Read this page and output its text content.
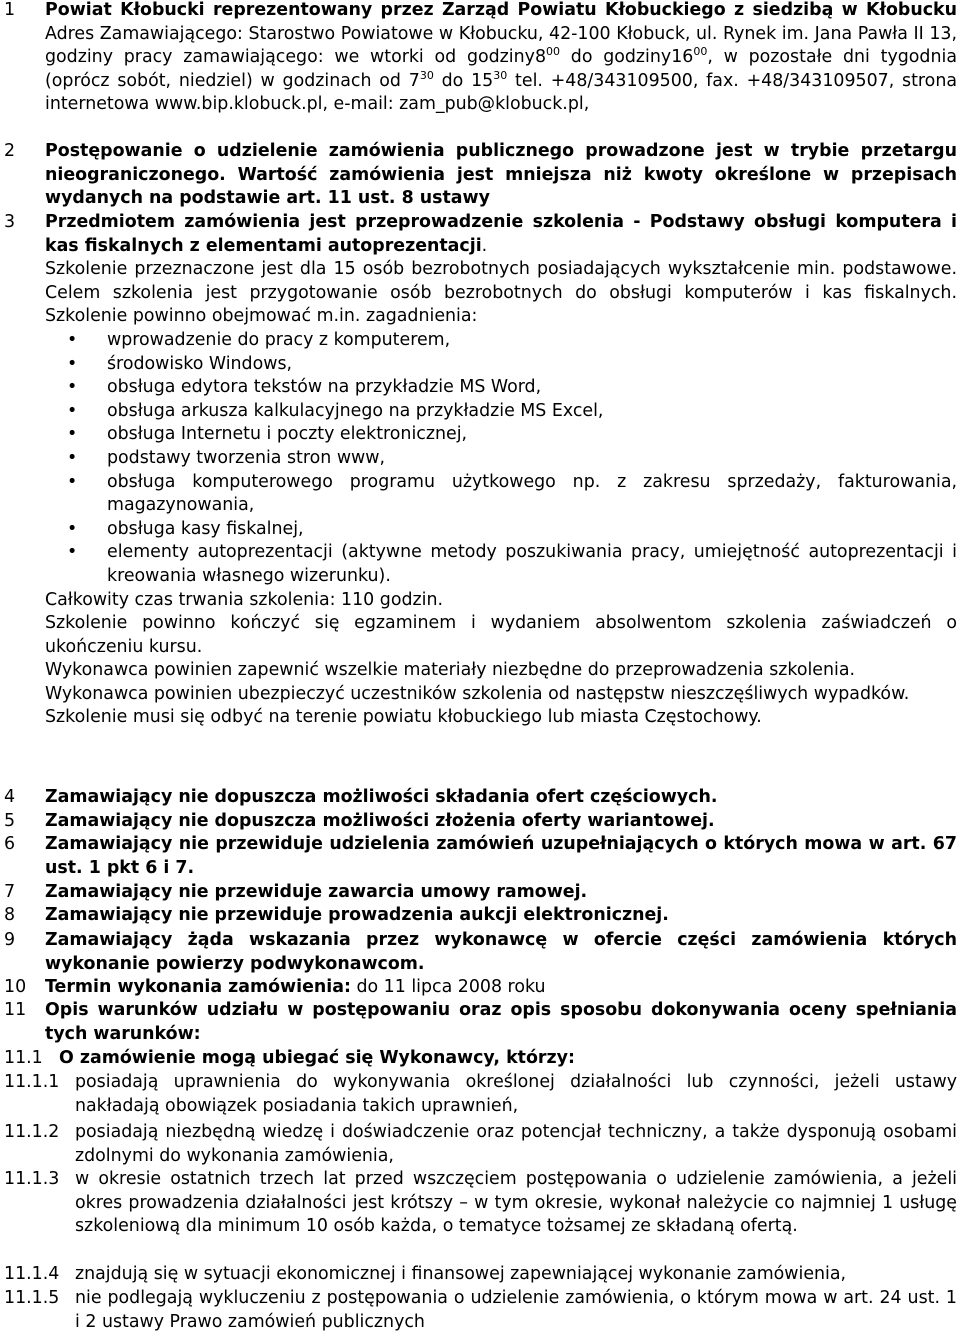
1 Powiat Kłobucki reprezentowany przez Zarząd Powiatu Kłobuckiego z siedzibą w Kłobucku Adres Zamawiającego: Starostwo Powiatowe w Kłobucku, 42-100 Kłobuck, ul. Rynek im. Jana Pawła II 13, godziny pracy zamawiającego: we wtorki od $godziny8^{00}$ do $godziny16^{00}$, w pozostałe dni tygodnia (oprócz sobót, niedziel) w godzinach od $7^{30}$ do $15^{30}$ tel. +48/343109500, fax. +48/343109507, strona internetowa www.bip.klobuck.pl, e-mail: zam_pub@klobuck.pl,

2 Postępowanie o udzielenie zamówienia publicznego prowadzone jest w trybie przetargu nieograniczonego. Wartość zamówienia jest mniejsza niż kwoty określone w przepisach wydanych na podstawie art. 11 ust. 8 ustawy

3 Przedmiotem zamówienia jest przeprowadzenie szkolenia - Podstawy obsługi komputera i kas fiskalnych z elementami autoprezentacji.

Szkolenie przeznaczone jest dla 15 osób bezrobotnych posiadających wykształcenie min. podstawowe. Celem szkolenia jest przygotowanie osób bezrobotnych do obsługi komputerów i kas fiskalnych. Szkolenie powinno obejmować m.in. zagadnienia:

• wprowadzenie do pracy z komputerem,
• środowisko Windows,
• obsługa edytora tekstów na przykładzie MS Word,
• obsługa arkusza kalkulacyjnego na przykładzie MS Excel,
• obsługa Internetu i poczty elektronicznej,
• podstawy tworzenia stron www,
• obsługa komputerowego programu użytkowego np. z zakresu sprzedaży, fakturowania, magazynowania,
• obsługa kasy fiskalnej,
• elementy autoprezentacji (aktywne metody poszukiwania pracy, umiejętność autoprezentacji i kreowania własnego wizerunku).

Całkowity czas trwania szkolenia: 110 godzin.

Szkolenie powinno kończyć się egzaminem i wydaniem absolwentom szkolenia zaświadczeń o ukończeniu kursu.

Wykonawca powinien zapewnić wszelkie materiały niezbędne do przeprowadzenia szkolenia.

Wykonawca powinien ubezpieczyć uczestników szkolenia od następstw nieszczęśliwych wypadków.

Szkolenie musi się odbyć na terenie powiatu kłobuckiego lub miasta Częstochowy.

4 Zamawiający nie dopuszcza możliwości składania ofert częściowych.

5 Zamawiający nie dopuszcza możliwości złożenia oferty wariantowej.

6 Zamawiający nie przewiduje udzielenia zamówień uzupełniających o których mowa w art. 67 ust. 1 pkt 6 i 7.

7 Zamawiający nie przewiduje zawarcia umowy ramowej.

8 Zamawiający nie przewiduje prowadzenia aukcji elektronicznej.

9 Zamawiający żąda wskazania przez wykonawcę w ofercie części zamówienia których wykonanie powierzy podwykonawcom.

10 Termin wykonania zamówienia: do 11 lipca 2008 roku

11 Opis warunków udziału w postępowaniu oraz opis sposobu dokonywania oceny spełniania tych warunków:

11.1 O zamówienie mogą ubiegać się Wykonawcy, którzy:

11.1.1 posiadają uprawnienia do wykonywania określonej działalności lub czynności, jeżeli ustawy nakładają obowiązek posiadania takich uprawnień,

11.1.2 posiadają niezbędną wiedzę i doświadczenie oraz potencjał techniczny, a także dysponują osobami zdolnymi do wykonania zamówienia,

11.1.3 w okresie ostatnich trzech lat przed wszczęciem postępowania o udzielenie zamówienia, a jeżeli okres prowadzenia działalności jest krótszy – w tym okresie, wykonał należycie co najmniej 1 usługę szkoleniową dla minimum 10 osób każda, o tematyce tożsamej ze składaną ofertą.

11.1.4 znajdują się w sytuacji ekonomicznej i finansowej zapewniającej wykonanie zamówienia,

11.1.5 nie podlegają wykluczeniu z postępowania o udzielenie zamówienia, o którym mowa w art. 24 ust. 1 i 2 ustawy Prawo zamówień publicznych
